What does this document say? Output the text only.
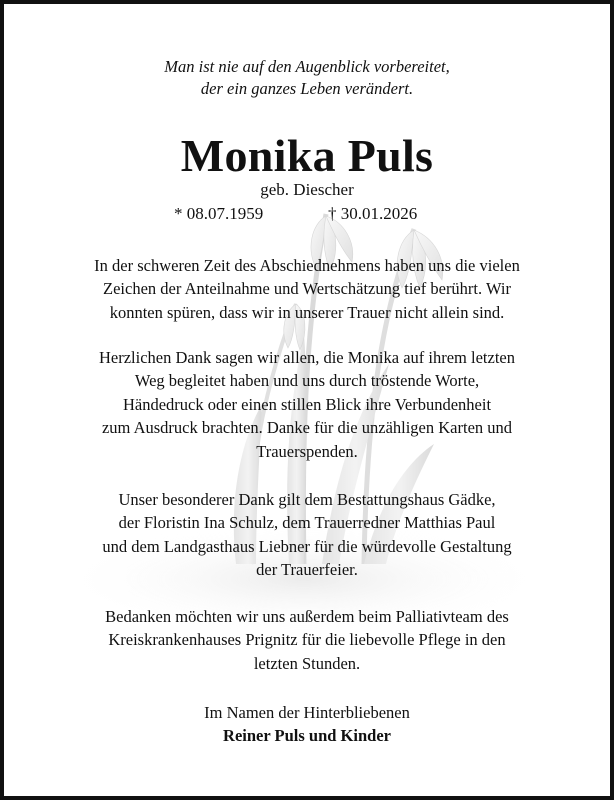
Man ist nie auf den Augenblick vorbereitet,
der ein ganzes Leben verändert.
Monika Puls
geb. Diescher
* 08.07.1959	† 30.01.2026
In der schweren Zeit des Abschiednehmens haben uns die vielen
Zeichen der Anteilnahme und Wertschätzung tief berührt. Wir
konnten spüren, dass wir in unserer Trauer nicht allein sind.
Herzlichen Dank sagen wir allen, die Monika auf ihrem letzten
Weg begleitet haben und uns durch tröstende Worte,
Händedruck oder einen stillen Blick ihre Verbundenheit
zum Ausdruck brachten. Danke für die unzähligen Karten und
Trauerspenden.
Unser besonderer Dank gilt dem Bestattungshaus Gädke,
der Floristin Ina Schulz, dem Trauerredner Matthias Paul
und dem Landgasthaus Liebner für die würdevolle Gestaltung
der Trauerfeier.
Bedanken möchten wir uns außerdem beim Palliativteam des
Kreiskrankenhauses Prignitz für die liebevolle Pflege in den
letzten Stunden.
Im Namen der Hinterbliebenen
Reiner Puls und Kinder
